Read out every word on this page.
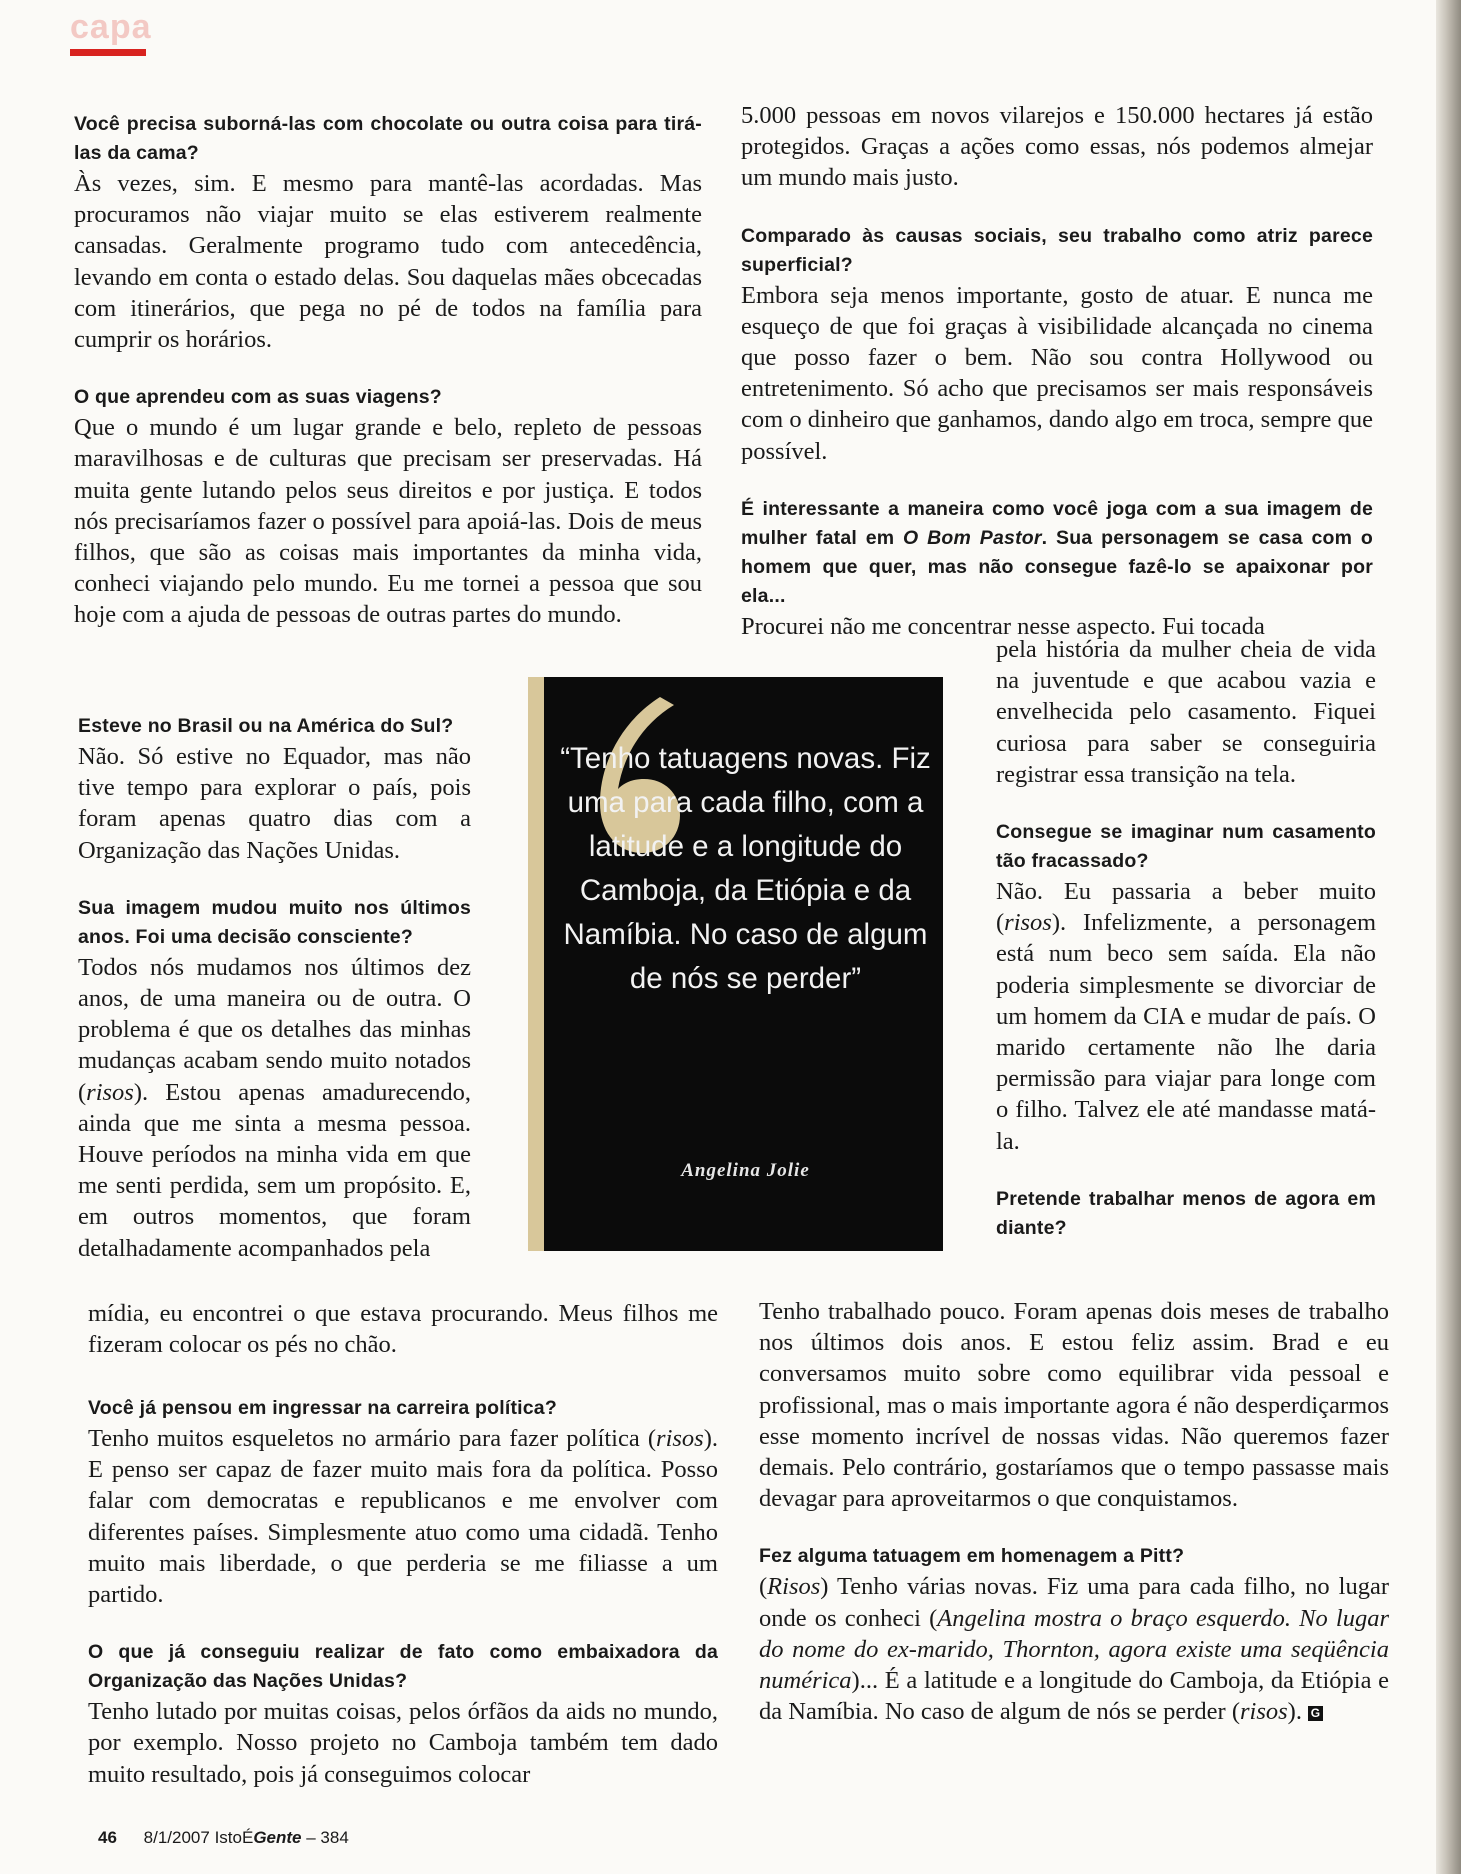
capa

Você precisa suborná-las com chocolate ou outra coisa para tirá-las da cama?

Às vezes, sim. E mesmo para mantê-las acordadas. Mas procuramos não viajar muito se elas estiverem realmente cansadas. Geralmente programo tudo com antecedência, levando em conta o estado delas. Sou daquelas mães obcecadas com itinerários, que pega no pé de todos na família para cumprir os horários.

O que aprendeu com as suas viagens?

Que o mundo é um lugar grande e belo, repleto de pessoas maravilhosas e de culturas que precisam ser preservadas. Há muita gente lutando pelos seus direitos e por justiça. E todos nós precisaríamos fazer o possível para apoiá-las. Dois de meus filhos, que são as coisas mais importantes da minha vida, conheci viajando pelo mundo. Eu me tornei a pessoa que sou hoje com a ajuda de pessoas de outras partes do mundo.

Esteve no Brasil ou na América do Sul?

Não. Só estive no Equador, mas não tive tempo para explorar o país, pois foram apenas quatro dias com a Organização das Nações Unidas.

Sua imagem mudou muito nos últimos anos. Foi uma decisão consciente?

Todos nós mudamos nos últimos dez anos, de uma maneira ou de outra. O problema é que os detalhes das minhas mudanças acabam sendo muito notados (risos). Estou apenas amadurecendo, ainda que me sinta a mesma pessoa. Houve períodos na minha vida em que me senti perdida, sem um propósito. E, em outros momentos, que foram detalhadamente acompanhados pela

mídia, eu encontrei o que estava procurando. Meus filhos me fizeram colocar os pés no chão.

Você já pensou em ingressar na carreira política?

Tenho muitos esqueletos no armário para fazer política (risos). E penso ser capaz de fazer muito mais fora da política. Posso falar com democratas e republicanos e me envolver com diferentes países. Simplesmente atuo como uma cidadã. Tenho muito mais liberdade, o que perderia se me filiasse a um partido.

O que já conseguiu realizar de fato como embaixadora da Organização das Nações Unidas?

Tenho lutado por muitas coisas, pelos órfãos da aids no mundo, por exemplo. Nosso projeto no Camboja também tem dado muito resultado, pois já conseguimos colocar

5.000 pessoas em novos vilarejos e 150.000 hectares já estão protegidos. Graças a ações como essas, nós podemos almejar um mundo mais justo.

Comparado às causas sociais, seu trabalho como atriz parece superficial?

Embora seja menos importante, gosto de atuar. E nunca me esqueço de que foi graças à visibilidade alcançada no cinema que posso fazer o bem. Não sou contra Hollywood ou entretenimento. Só acho que precisamos ser mais responsáveis com o dinheiro que ganhamos, dando algo em troca, sempre que possível.

É interessante a maneira como você joga com a sua imagem de mulher fatal em O Bom Pastor. Sua personagem se casa com o homem que quer, mas não consegue fazê-lo se apaixonar por ela...

Procurei não me concentrar nesse aspecto. Fui tocada

pela história da mulher cheia de vida na juventude e que acabou vazia e envelhecida pelo casamento. Fiquei curiosa para saber se conseguiria registrar essa transição na tela.

Consegue se imaginar num casamento tão fracassado?

Não. Eu passaria a beber muito (risos). Infelizmente, a personagem está num beco sem saída. Ela não poderia simplesmente se divorciar de um homem da CIA e mudar de país. O marido certamente não lhe daria permissão para viajar para longe com o filho. Talvez ele até mandasse matá-la.

Pretende trabalhar menos de agora em diante?

Tenho trabalhado pouco. Foram apenas dois meses de trabalho nos últimos dois anos. E estou feliz assim. Brad e eu conversamos muito sobre como equilibrar vida pessoal e profissional, mas o mais importante agora é não desperdiçarmos esse momento incrível de nossas vidas. Não queremos fazer demais. Pelo contrário, gostaríamos que o tempo passasse mais devagar para aproveitarmos o que conquistamos.

Fez alguma tatuagem em homenagem a Pitt?

(Risos) Tenho várias novas. Fiz uma para cada filho, no lugar onde os conheci (Angelina mostra o braço esquerdo. No lugar do nome do ex-marido, Thornton, agora existe uma seqüência numérica)... É a latitude e a longitude do Camboja, da Etiópia e da Namíbia. No caso de algum de nós se perder (risos). G

“Tenho tatuagens novas. Fiz uma para cada filho, com a latitude e a longitude do Camboja, da Etiópia e da Namíbia. No caso de algum de nós se perder”
Angelina Jolie
46 8/1/2007 IstoÉGente – 384
